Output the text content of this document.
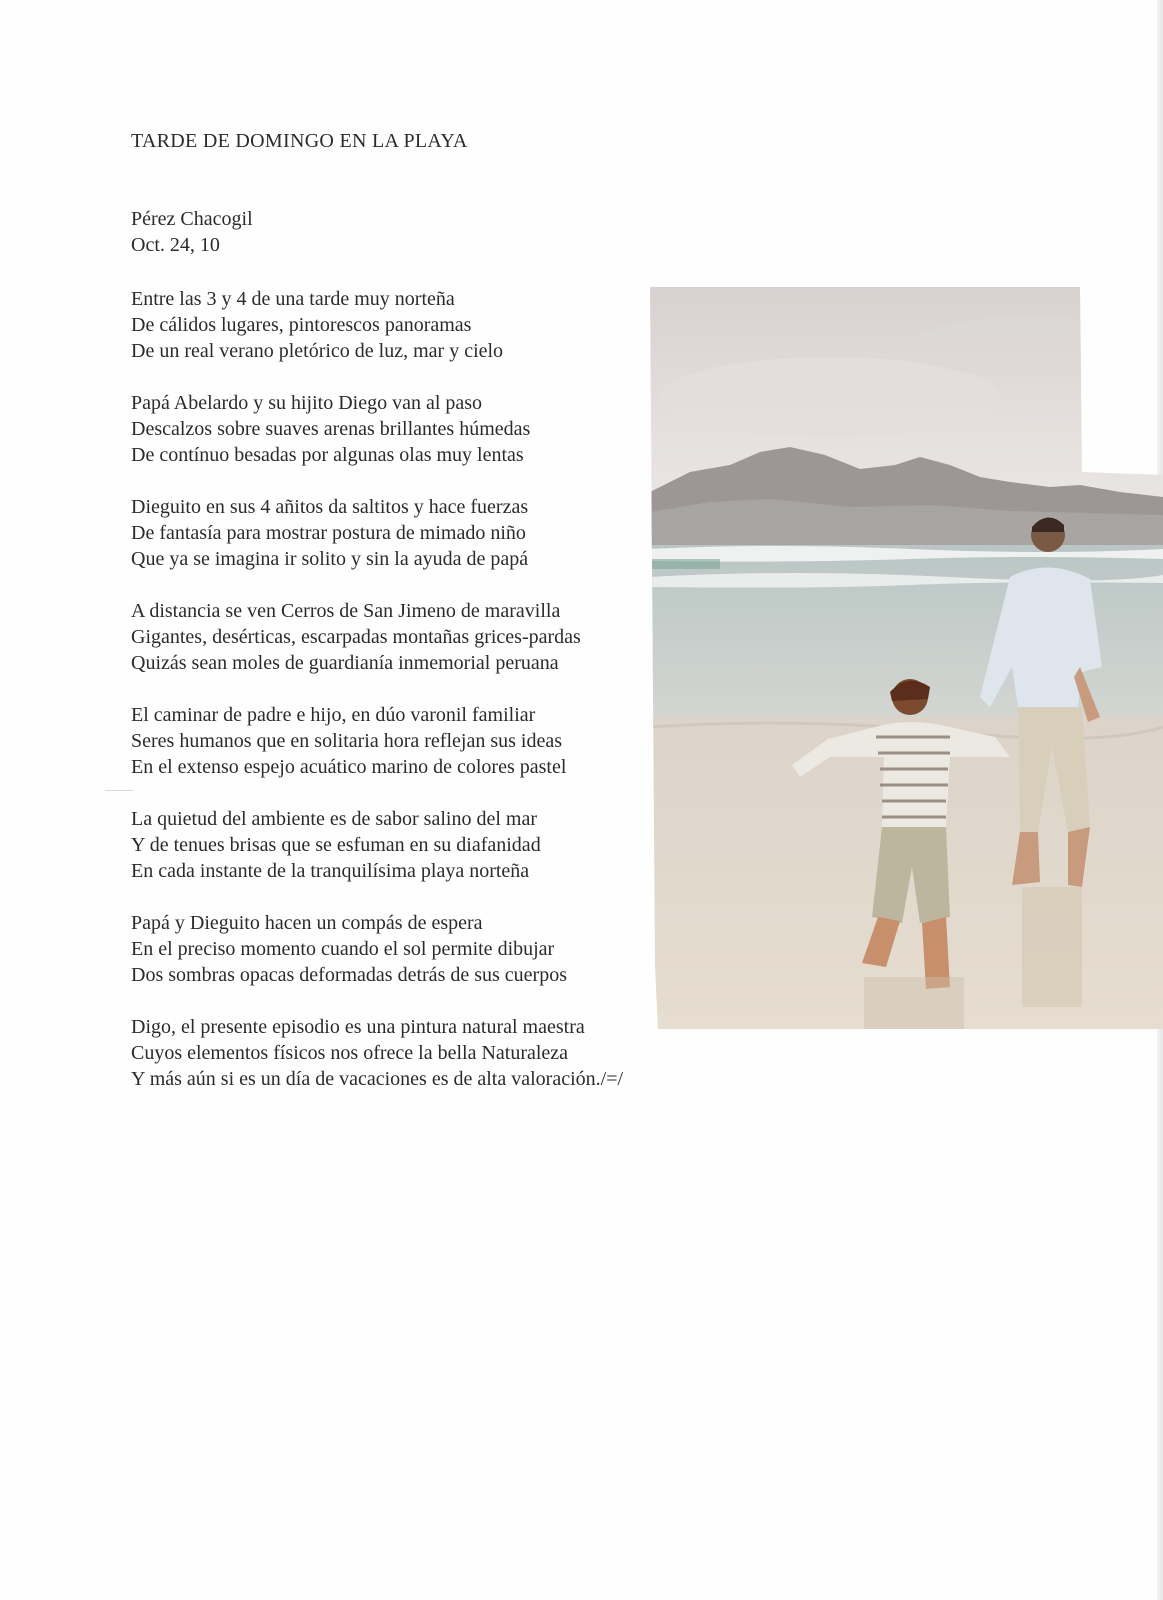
TARDE DE DOMINGO EN LA PLAYA

Pérez Chacogil

Oct. 24, 10

Entre las 3 y 4 de una tarde muy norteña
De cálidos lugares, pintorescos panoramas
De un real verano pletórico de luz, mar y cielo
Papá Abelardo y su hijito Diego van al paso
Descalzos sobre suaves arenas brillantes húmedas
De contínuo besadas por algunas olas muy lentas
Dieguito en sus 4 añitos da saltitos y hace fuerzas
De fantasía para mostrar postura de mimado niño
Que ya se imagina ir solito y sin la ayuda de papá
A distancia se ven Cerros de San Jimeno de maravilla
Gigantes, desérticas, escarpadas montañas grices-pardas
Quizás sean moles de guardianía inmemorial peruana
El caminar de padre e hijo, en dúo varonil familiar
Seres humanos que en solitaria hora reflejan sus ideas
En el extenso espejo acuático marino de colores pastel
La quietud del ambiente es de sabor salino del mar
Y de tenues brisas que se esfuman en su diafanidad
En cada instante de la tranquilísima playa norteña
Papá y Dieguito hacen un compás de espera
En el preciso momento cuando el sol permite dibujar
Dos sombras opacas deformadas detrás de sus cuerpos
Digo, el presente episodio es una pintura natural maestra
Cuyos elementos físicos nos ofrece la bella Naturaleza
Y más aún si es un día de vacaciones es de alta valoración./=/
